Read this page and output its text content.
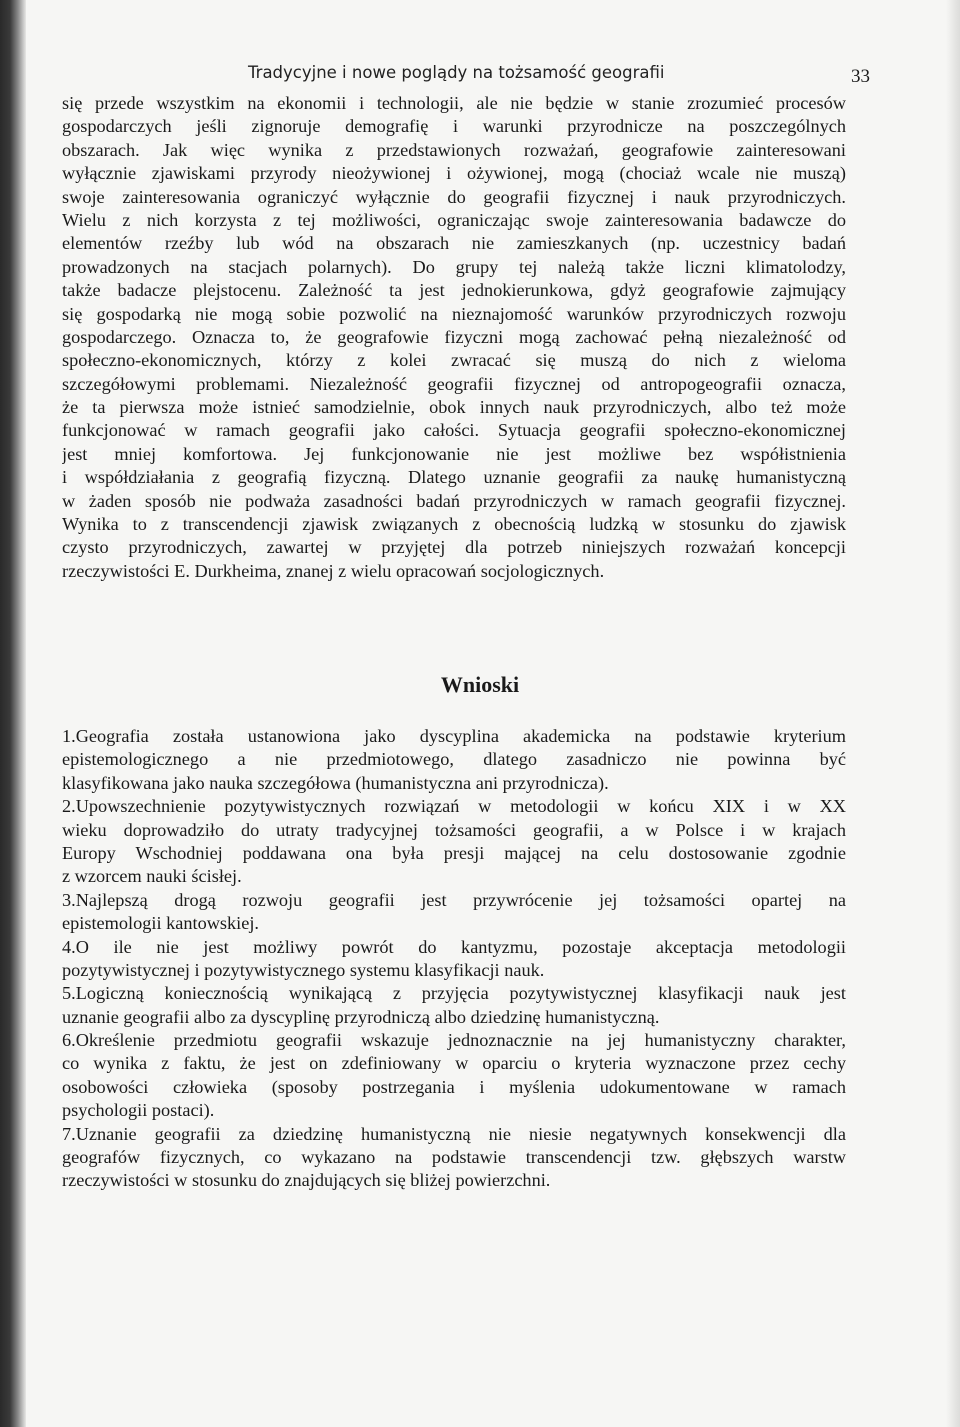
Tradycyjne i nowe poglądy na tożsamość geografii	33
się przede wszystkim na ekonomii i technologii, ale nie będzie w stanie zrozumieć procesów
gospodarczych jeśli zignoruje demografię i warunki przyrodnicze na poszczególnych
obszarach. Jak więc wynika z przedstawionych rozważań, geografowie zainteresowani
wyłącznie zjawiskami przyrody nieożywionej i ożywionej, mogą (chociaż wcale nie muszą)
swoje zainteresowania ograniczyć wyłącznie do geografii fizycznej i nauk przyrodniczych.
Wielu z nich korzysta z tej możliwości, ograniczając swoje zainteresowania badawcze do
elementów rzeźby lub wód na obszarach nie zamieszkanych (np. uczestnicy badań
prowadzonych na stacjach polarnych). Do grupy tej należą także liczni klimatolodzy,
także badacze plejstocenu. Zależność ta jest jednokierunkowa, gdyż geografowie zajmujący
się gospodarką nie mogą sobie pozwolić na nieznajomość warunków przyrodniczych rozwoju
gospodarczego. Oznacza to, że geografowie fizyczni mogą zachować pełną niezależność od
społeczno-ekonomicznych, którzy z kolei zwracać się muszą do nich z wieloma
szczegółowymi problemami. Niezależność geografii fizycznej od antropogeografii oznacza,
że ta pierwsza może istnieć samodzielnie, obok innych nauk przyrodniczych, albo też może
funkcjonować w ramach geografii jako całości. Sytuacja geografii społeczno-ekonomicznej
jest mniej komfortowa. Jej funkcjonowanie nie jest możliwe bez współistnienia
i współdziałania z geografią fizyczną. Dlatego uznanie geografii za naukę humanistyczną
w żaden sposób nie podważa zasadności badań przyrodniczych w ramach geografii fizycznej.
Wynika to z transcendencji zjawisk związanych z obecnością ludzką w stosunku do zjawisk
czysto przyrodniczych, zawartej w przyjętej dla potrzeb niniejszych rozważań koncepcji
rzeczywistości E. Durkheima, znanej z wielu opracowań socjologicznych.
Wnioski
1.Geografia została ustanowiona jako dyscyplina akademicka na podstawie kryterium
epistemologicznego a nie przedmiotowego, dlatego zasadniczo nie powinna być
klasyfikowana jako nauka szczegółowa (humanistyczna ani przyrodnicza).
2.Upowszechnienie pozytywistycznych rozwiązań w metodologii w końcu XIX i w XX
wieku doprowadziło do utraty tradycyjnej tożsamości geografii, a w Polsce i w krajach
Europy Wschodniej poddawana ona była presji mającej na celu dostosowanie zgodnie
z wzorcem nauki ścisłej.
3.Najlepszą drogą rozwoju geografii jest przywrócenie jej tożsamości opartej na
epistemologii kantowskiej.
4.O ile nie jest możliwy powrót do kantyzmu, pozostaje akceptacja metodologii
pozytywistycznej i pozytywistycznego systemu klasyfikacji nauk.
5.Logiczną koniecznością wynikającą z przyjęcia pozytywistycznej klasyfikacji nauk jest
uznanie geografii albo za dyscyplinę przyrodniczą albo dziedzinę humanistyczną.
6.Określenie przedmiotu geografii wskazuje jednoznacznie na jej humanistyczny charakter,
co wynika z faktu, że jest on zdefiniowany w oparciu o kryteria wyznaczone przez cechy
osobowości człowieka (sposoby postrzegania i myślenia udokumentowane w ramach
psychologii postaci).
7.Uznanie geografii za dziedzinę humanistyczną nie niesie negatywnych konsekwencji dla
geografów fizycznych, co wykazano na podstawie transcendencji tzw. głębszych warstw
rzeczywistości w stosunku do znajdujących się bliżej powierzchni.
